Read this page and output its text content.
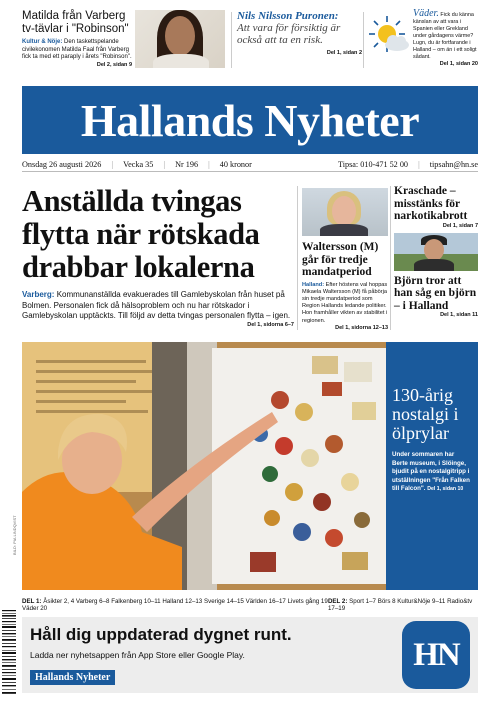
Matilda från Varberg tv-tävlar i "Robinson"

Kultur & Nöje: Den taskettspelande civilekonomen Matilda Faal från Varberg fick ta med ett paraply i årets "Robinson".

Del 2, sidan 9
Nils Nilsson Puronen:
Att vara för försiktig är också att ta en risk.
Del 1, sidan 2
Väder. Fick du känna känslan av att vara i Spanien eller Grekland under gårdagens värme? Lugn, du är fortfarande i Halland – om än i ett soligt sådant.
Del 1, sidan 20
Hallands Nyheter
Onsdag 26 augusti 2026 | Vecka 35 | Nr 196 | 40 kronor	Tipsa: 010-471 52 00 | tipsahn@hn.se
Anställda tvingas flytta när rötskada drabbar lokalerna

Varberg: Kommunanställda evakuerades till Gamlebyskolan från huset på Bolmen. Personalen fick då hälsoproblem och nu har rötskador i Gamlebyskolan upptäckts. Till följd av detta tvingas personalen flytta – igen.

Del 1, sidorna 6–7
Waltersson (M) går för tredje mandatperiod

Halland: Efter höstens val hoppas Mikaela Waltersson (M) få påbörja sin tredje mandatperiod som Region Hallands ledande politiker. Hon framhåller vikten av stabilitet i regionen.

Del 1, sidorna 12–13
Kraschade – misstänks för narkotikabrott
Del 1, sidan 7
Björn tror att han såg en björn – i Halland
Del 1, sidan 11
BILD: PIA LINDQVIST
130-årig nostalgi i ölprylar

Under sommaren har Berte museum, i Slöinge, bjudit på en nostalgitripp i utställningen "Från Falken till Falcon". Del 1, sidan 10

DEL 1: Åsikter 2, 4 Varberg 6–8 Falkenberg 10–11 Halland 12–13 Sverige 14–15 Världen 16–17 Livets gång 19 Väder 20
DEL 2: Sport 1–7 Börs 8 Kultur&Nöje 9–11 Radio&tv 17–19
Håll dig uppdaterad dygnet runt.

Ladda ner nyhetsappen från App Store eller Google Play.

Hallands Nyheter
HN
